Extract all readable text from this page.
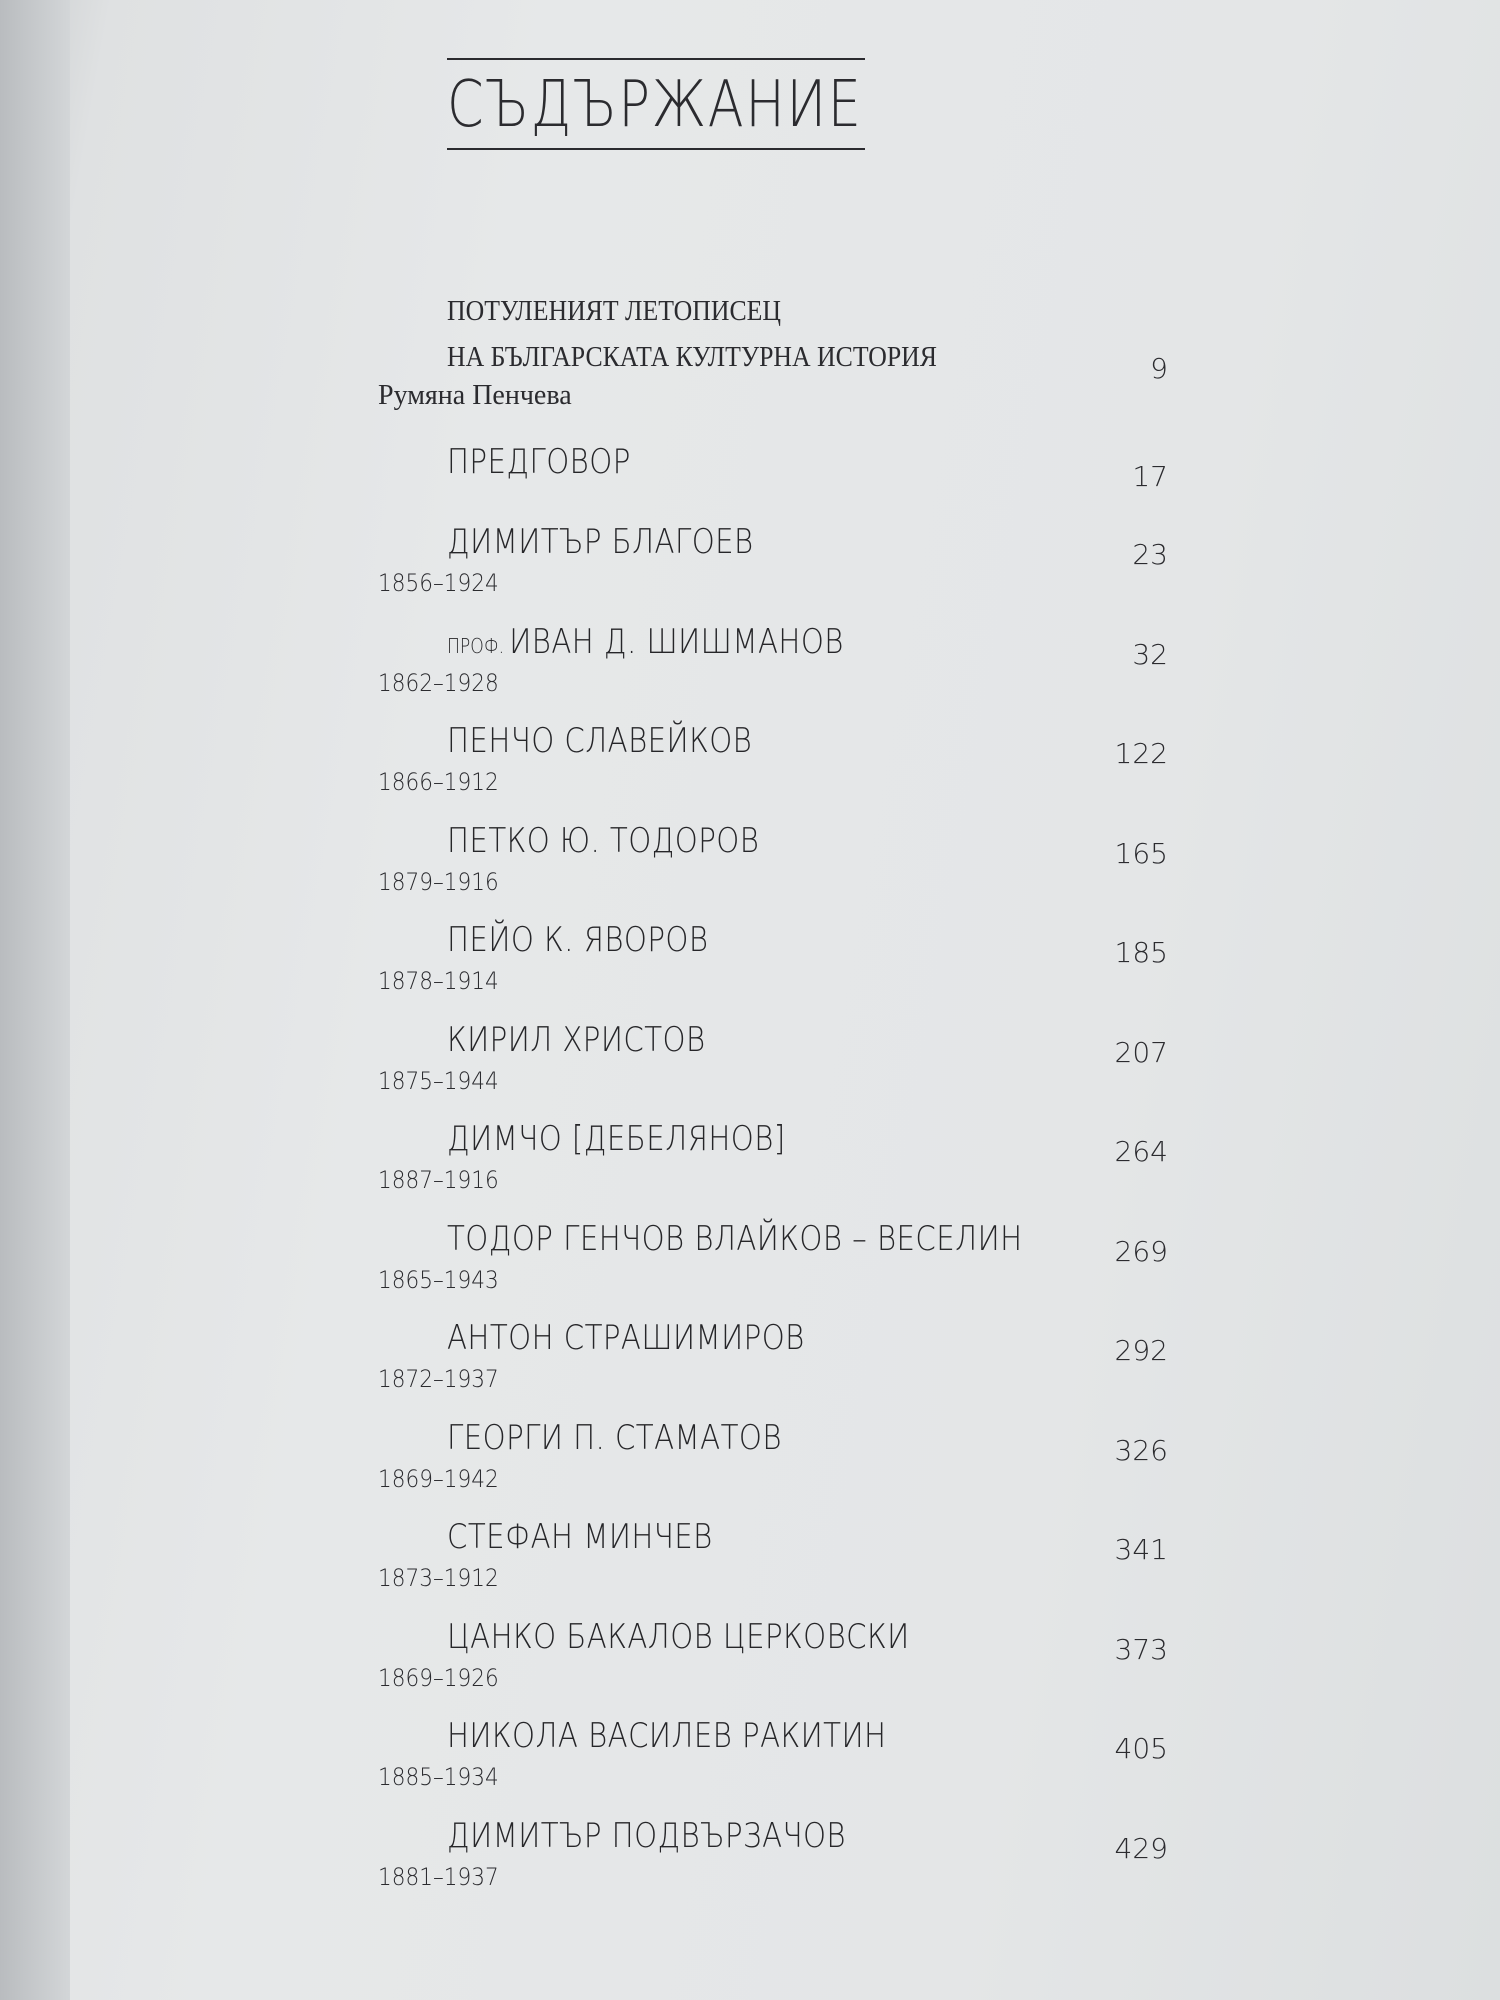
СЪДЪРЖАНИЕ
ПОТУЛЕНИЯТ ЛЕТОПИСЕЦ
НА БЪЛГАРСКАТА КУЛТУРНА ИСТОРИЯ
Румяна Пенчева
9
ПРЕДГОВОР	17
ДИМИТЪР БЛАГОЕВ
1856–1924
23
ПРОФ. ИВАН Д. ШИШМАНОВ
1862–1928
32
ПЕНЧО СЛАВЕЙКОВ
1866–1912
122
ПЕТКО Ю. ТОДОРОВ
1879–1916
165
ПЕЙО К. ЯВОРОВ
1878–1914
185
КИРИЛ ХРИСТОВ
1875–1944
207
ДИМЧО [ДЕБЕЛЯНОВ]
1887–1916
264
ТОДОР ГЕНЧОВ ВЛАЙКОВ – ВЕСЕЛИН
1865–1943
269
АНТОН СТРАШИМИРОВ
1872–1937
292
ГЕОРГИ П. СТАМАТОВ
1869–1942
326
СТЕФАН МИНЧЕВ
1873–1912
341
ЦАНКО БАКАЛОВ ЦЕРКОВСКИ
1869–1926
373
НИКОЛА ВАСИЛЕВ РАКИТИН
1885–1934
405
ДИМИТЪР ПОДВЪРЗАЧОВ
1881–1937
429
